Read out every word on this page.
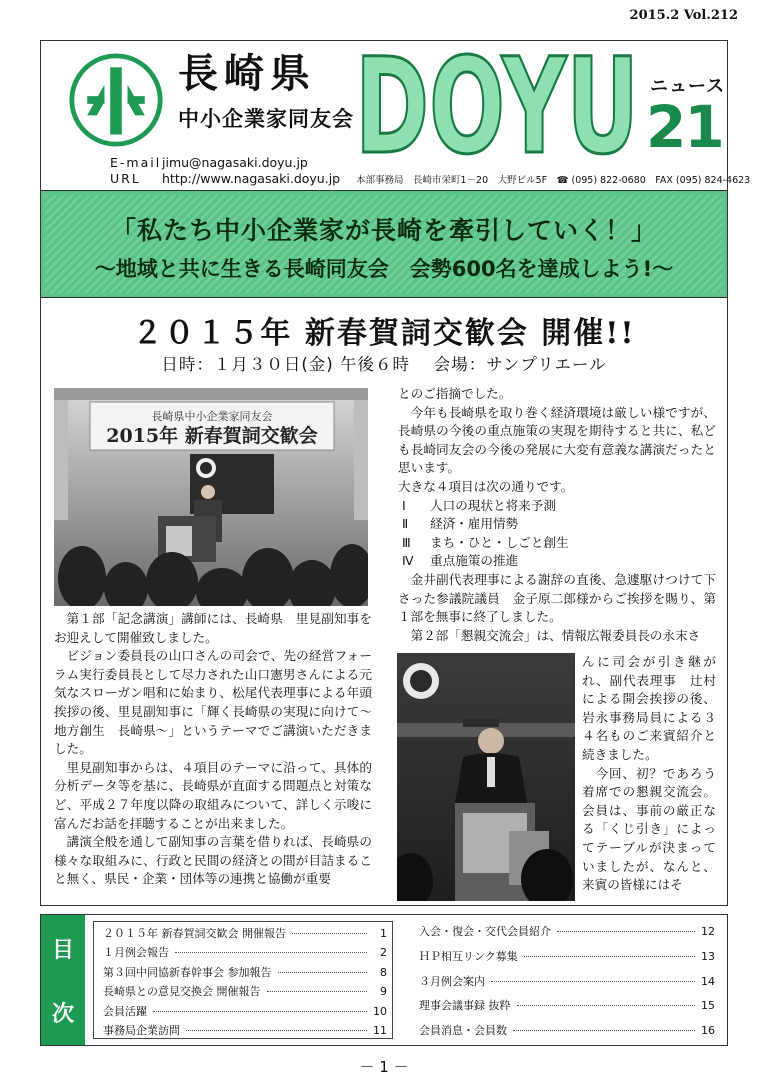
2015.2 Vol.212
長崎県
中小企業家同友会
E-mail jimu@nagasaki.doyu.jp
URL	http://www.nagasaki.doyu.jp DOYU ニュース
21
本部事務局　長崎市栄町1－20　大野ビル5F　☎ (095) 822-0680　FAX (095) 824-4623
「私たち中小企業家が長崎を牽引していく！」
～地域と共に生きる長崎同友会　会勢600名を達成しよう!～
２０１５年 新春賀詞交歓会 開催!!
日時：１月３０日(金) 午後６時　 会場：サンプリエール
長崎県中小企業家同友会
2015年 新春賀詞交歓会

第１部「記念講演」講師には、長崎県　里見副知事をお迎えして開催致しました。

ビジョン委員長の山口さんの司会で、先の経営フォーラム実行委員長として尽力された山口憲男さんによる元気なスローガン唱和に始まり、松尾代表理事による年頭挨拶の後、里見副知事に「輝く長崎県の実現に向けて～地方創生　長崎県～」というテーマでご講演いただきました。

里見副知事からは、４項目のテーマに沿って、具体的分析データ等を基に、長崎県が直面する問題点と対策など、平成２７年度以降の取組みについて、詳しく示唆に富んだお話を拝聴することが出来ました。

講演全般を通して副知事の言葉を借りれば、長崎県の様々な取組みに、行政と民間の経済との間が目詰まること無く、県民・企業・団体等の連携と協働が重要

とのご指摘でした。

今年も長崎県を取り巻く経済環境は厳しい様ですが、長崎県の今後の重点施策の実現を期待すると共に、私ども長崎同友会の今後の発展に大変有意義な講演だったと思います。

大きな４項目は次の通りです。

Ⅰ	人口の現状と将来予測
Ⅱ	経済・雇用情勢
Ⅲ	まち・ひと・しごと創生
Ⅳ	重点施策の推進

金井副代表理事による謝辞の直後、急遽駆けつけて下さった参議院議員　金子原二郎様からご挨拶を賜り、第１部を無事に終了しました。

第２部「懇親交流会」は、情報広報委員長の永末さ

んに司会が引き継がれ、副代表理事　辻村による開会挨拶の後、岩永事務局員による３４名ものご来賓紹介と続きました。

　今回、初？であろう着席での懇親交流会。会員は、事前の厳正なる「くじ引き」によってテーブルが決まっていましたが、なんと、来賓の皆様にはそ

目
次
２０１５年 新春賀詞交歓会 開催報告	1
１月例会報告	2
第３回中同協新春幹事会 参加報告	8
長崎県との意見交換会 開催報告	9
会員活躍	10
事務局企業訪問	11
入会・復会・交代会員紹介	12
ＨＰ相互リンク募集	13
３月例会案内	14
理事会議事録 抜粋	15
会員消息・会員数	16
－ 1 －
